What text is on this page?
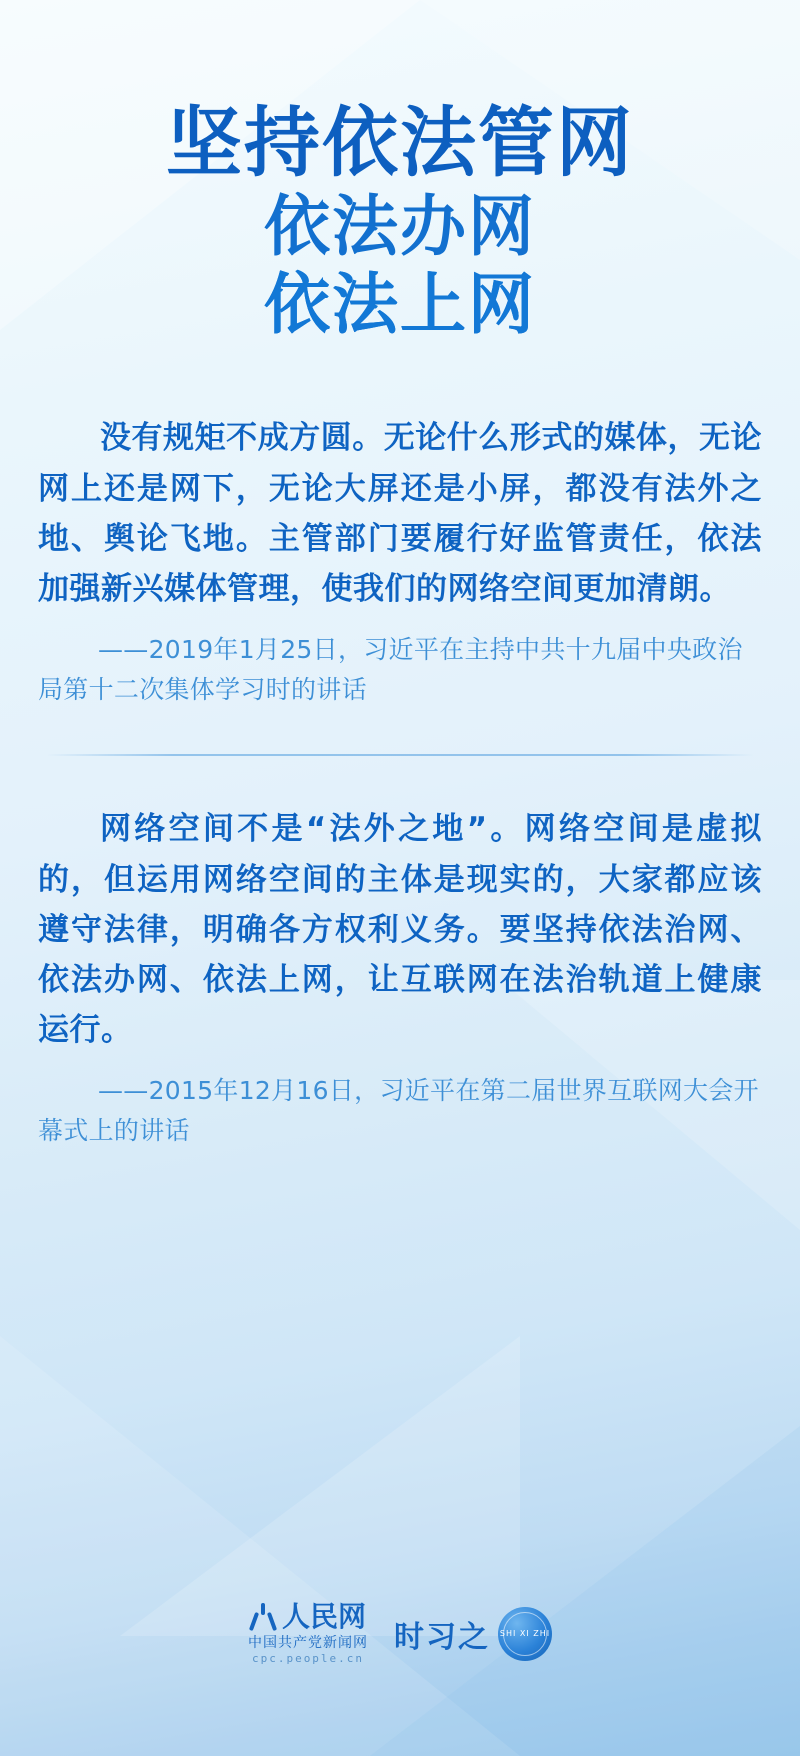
坚持依法管网
依法办网
依法上网
没有规矩不成方圆。无论什么形式的媒体，无论网上还是网下，无论大屏还是小屏，都没有法外之地、舆论飞地。主管部门要履行好监管责任，依法加强新兴媒体管理，使我们的网络空间更加清朗。
——2019年1月25日，习近平在主持中共十九届中央政治局第十二次集体学习时的讲话
网络空间不是“法外之地”。网络空间是虚拟的，但运用网络空间的主体是现实的，大家都应该遵守法律，明确各方权利义务。要坚持依法治网、依法办网、依法上网，让互联网在法治轨道上健康运行。
——2015年12月16日，习近平在第二届世界互联网大会开幕式上的讲话
人民网
中国共产党新闻网
cpc.people.cn
时习之 SHI XI ZHI
